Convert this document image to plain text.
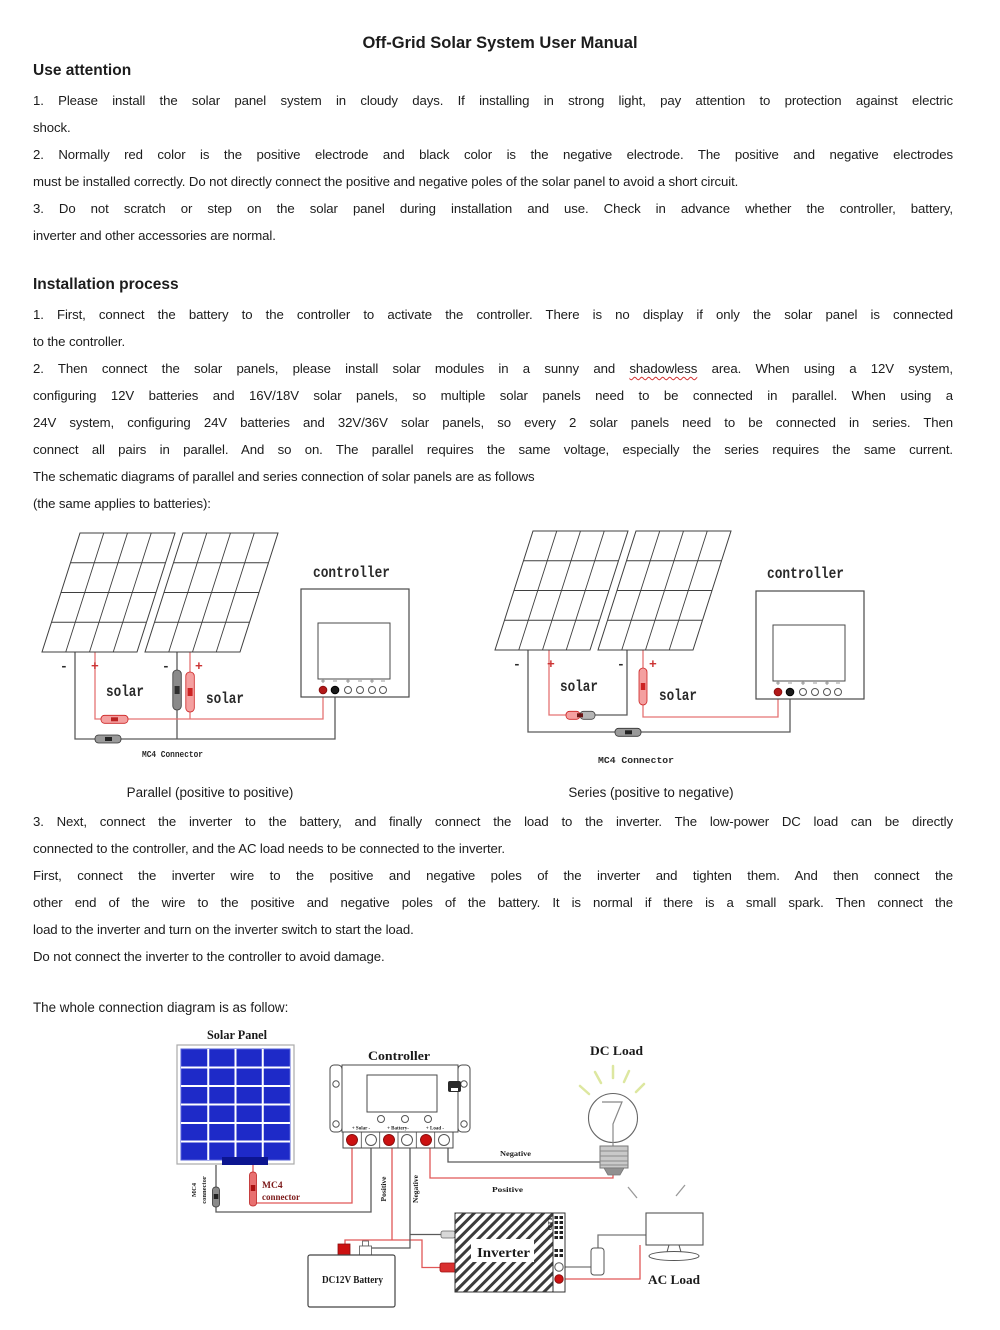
Off-Grid Solar System User Manual
Use attention
1. Please install the solar panel system in cloudy days. If installing in strong light, pay attention to protection against electric
shock.
2. Normally red color is the positive electrode and black color is the negative electrode. The positive and negative electrodes
must be installed correctly. Do not directly connect the positive and negative poles of the solar panel to avoid a short circuit.
3. Do not scratch or step on the solar panel during installation and use. Check in advance whether the controller, battery,
inverter and other accessories are normal.
Installation process
1. First, connect the battery to the controller to activate the controller. There is no display if only the solar panel is connected
to the controller.
2. Then connect the solar panels, please install solar modules in a sunny and shadowless area. When using a 12V system,
configuring 12V batteries and 16V/18V solar panels, so multiple solar panels need to be connected in parallel. When using a
24V system, configuring 24V batteries and 32V/36V solar panels, so every 2 solar panels need to be connected in series. Then
connect all pairs in parallel. And so on. The parallel requires the same voltage, especially the series requires the same current.
The schematic diagrams of parallel and series connection of solar panels are as follows
(the same applies to batteries):
controller
solar	solar
- +	- +
MC4 Connector
controller
solar	solar
- +	- +
MC4 Connector
Parallel (positive to positive)	Series (positive to negative)
3. Next, connect the inverter to the battery, and finally connect the load to the inverter. The low-power DC load can be directly
connected to the controller, and the AC load needs to be connected to the inverter.
First, connect the inverter wire to the positive and negative poles of the inverter and tighten them. And then connect the
other end of the wire to the positive and negative poles of the battery. It is normal if there is a small spark. Then connect the
load to the inverter and turn on the inverter switch to start the load.
Do not connect the inverter to the controller to avoid damage.
The whole connection diagram is as follow:
Solar Panel
Controller
+ Solar -	+ Battery-	+ Load -
DC Load
Inverter
LED
DC12V Battery	AC Load
Negative
Positive
Positive	Negative
MC4 connector	MC4
connector
